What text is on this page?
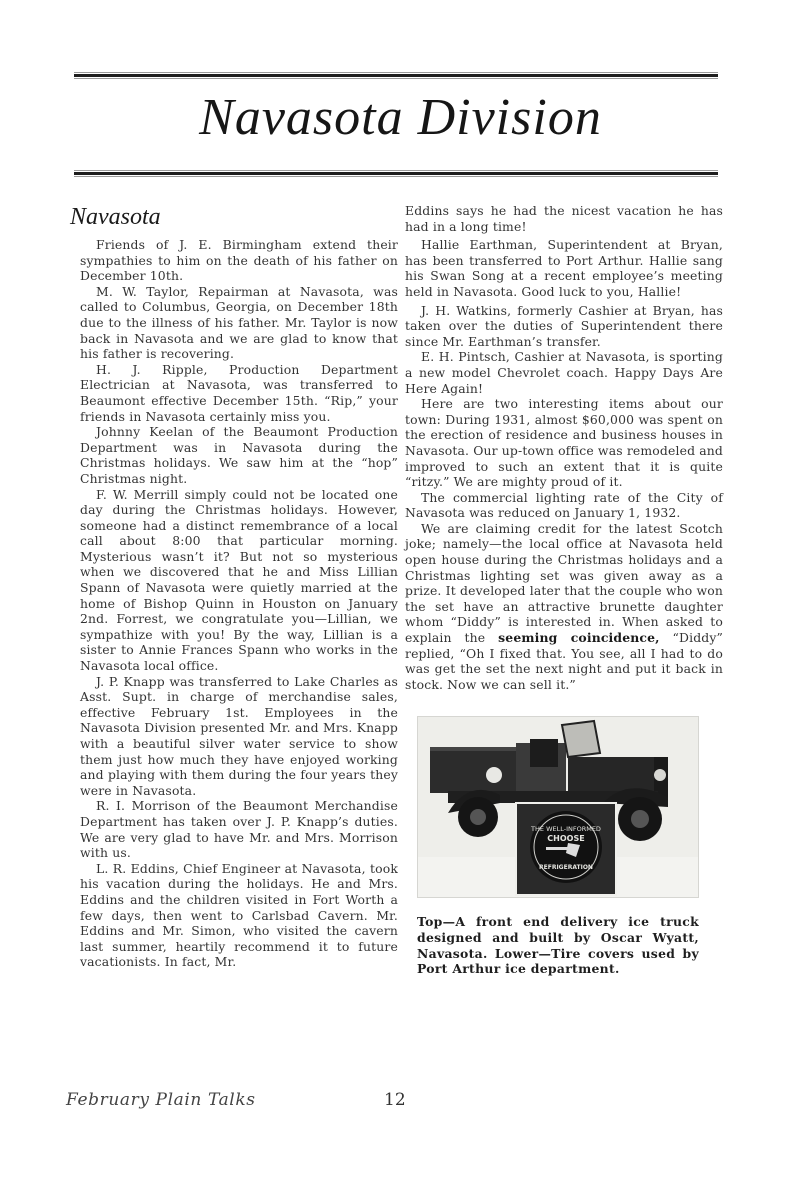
Navasota Division
Navasota

Friends of J. E. Birmingham extend their sympathies to him on the death of his father on December 10th.

M. W. Taylor, Repairman at Navasota, was called to Columbus, Georgia, on December 18th due to the illness of his father. Mr. Taylor is now back in Navasota and we are glad to know that his father is recovering.

H. J. Ripple, Production Department Electrician at Navasota, was transferred to Beaumont effective December 15th. “Rip,” your friends in Navasota certainly miss you.

Johnny Keelan of the Beaumont Production Department was in Navasota during the Christmas holidays. We saw him at the “hop” Christmas night.

F. W. Merrill simply could not be located one day during the Christmas holidays. However, someone had a distinct remembrance of a local call about 8:00 that particular morning. Mysterious wasn’t it? But not so mysterious when we discovered that he and Miss Lillian Spann of Navasota were quietly married at the home of Bishop Quinn in Houston on January 2nd. Forrest, we congratulate you—Lillian, we sympathize with you! By the way, Lillian is a sister to Annie Frances Spann who works in the Navasota local office.

J. P. Knapp was transferred to Lake Charles as Asst. Supt. in charge of merchandise sales, effective February 1st. Employees in the Navasota Division presented Mr. and Mrs. Knapp with a beautiful silver water service to show them just how much they have enjoyed working and playing with them during the four years they were in Navasota.

R. I. Morrison of the Beaumont Merchandise Department has taken over J. P. Knapp’s duties. We are very glad to have Mr. and Mrs. Morrison with us.

L. R. Eddins, Chief Engineer at Navasota, took his vacation during the holidays. He and Mrs. Eddins and the children visited in Fort Worth a few days, then went to Carlsbad Cavern. Mr. Eddins and Mr. Simon, who visited the cavern last summer, heartily recommend it to future vacationists. In fact, Mr.

Eddins says he had the nicest vacation he has had in a long time!

Hallie Earthman, Superintendent at Bryan, has been transferred to Port Arthur. Hallie sang his Swan Song at a recent employee’s meeting held in Navasota. Good luck to you, Hallie!

J. H. Watkins, formerly Cashier at Bryan, has taken over the duties of Superintendent there since Mr. Earthman’s transfer.

E. H. Pintsch, Cashier at Navasota, is sporting a new model Chevrolet coach. Happy Days Are Here Again!

Here are two interesting items about our town: During 1931, almost $60,000 was spent on the erection of residence and business houses in Navasota. Our up-town office was remodeled and improved to such an extent that it is quite “ritzy.” We are mighty proud of it.

The commercial lighting rate of the City of Navasota was reduced on January 1, 1932.

We are claiming credit for the latest Scotch joke; namely—the local office at Navasota held open house during the Christmas holidays and a Christmas lighting set was given away as a prize. It developed later that the couple who won the set have an attractive brunette daughter whom “Diddy” is interested in. When asked to explain the seeming coincidence, “Diddy” replied, “Oh I fixed that. You see, all I had to do was get the set the next night and put it back in stock. Now we can sell it.”

THE WELL-INFORMED
CHOOSE
REFRIGERATION
Top—A front end delivery ice truck designed and built by Oscar Wyatt, Navasota. Lower—Tire covers used by Port Arthur ice department.
February Plain Talks	12
